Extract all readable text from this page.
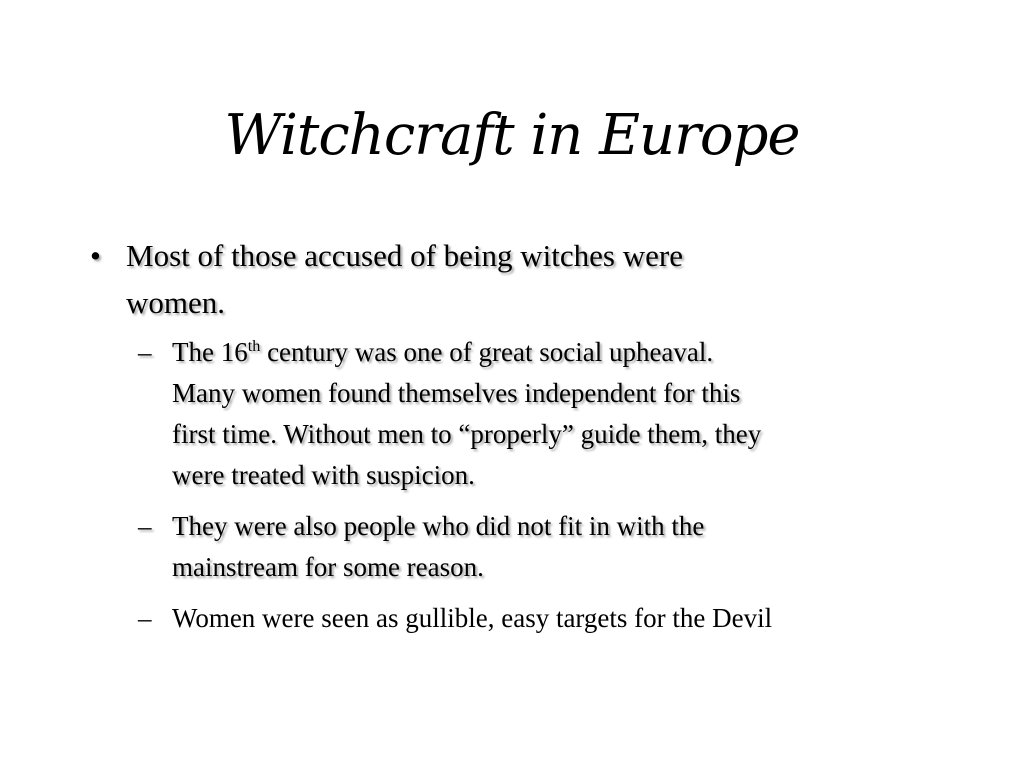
Witchcraft in Europe
• Most of those accused of being witches were
women.
– The 16th century was one of great social upheaval.
Many women found themselves independent for this
first time. Without men to “properly” guide them, they
were treated with suspicion.
– They were also people who did not fit in with the
mainstream for some reason.
– Women were seen as gullible, easy targets for the Devil
